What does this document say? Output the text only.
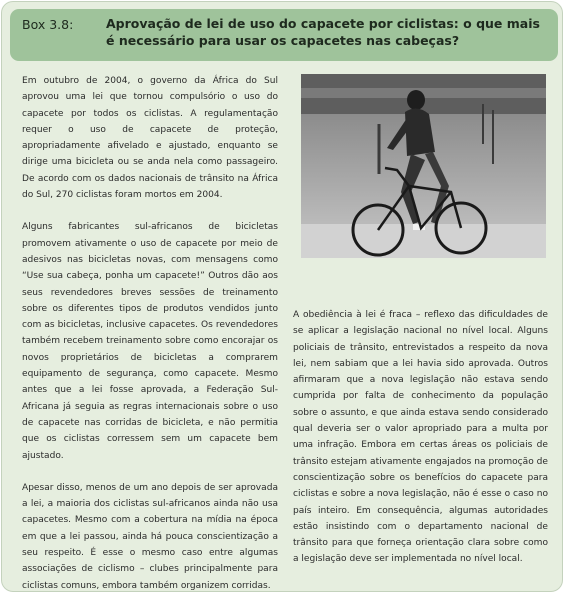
Box 3.8:	Aprovação de lei de uso do capacete por ciclistas: o que mais
é necessário para usar os capacetes nas cabeças?

Em outubro de 2004, o governo da África do Sul aprovou uma lei que tornou compulsório o uso do capacete por todos os ciclistas. A regulamentação requer o uso de capacete de proteção, apropriadamente afivelado e ajustado, enquanto se dirige uma bicicleta ou se anda nela como passageiro. De acordo com os dados nacionais de trânsito na África do Sul, 270 ciclistas foram mortos em 2004.

Alguns fabricantes sul-africanos de bicicletas promovem ativamente o uso de capacete por meio de adesivos nas bicicletas novas, com mensagens como “Use sua cabeça, ponha um capacete!” Outros dão aos seus revendedores breves sessões de treinamento sobre os diferentes tipos de produtos vendidos junto com as bicicletas, inclusive capacetes. Os revendedores também recebem treinamento sobre como encorajar os novos proprietários de bicicletas a comprarem equipamento de segurança, como capacete. Mesmo antes que a lei fosse aprovada, a Federação Sul-Africana já seguia as regras internacionais sobre o uso de capacete nas corridas de bicicleta, e não permitia que os ciclistas corressem sem um capacete bem ajustado.

Apesar disso, menos de um ano depois de ser aprovada a lei, a maioria dos ciclistas sul-africanos ainda não usa capacetes. Mesmo com a cobertura na mídia na época em que a lei passou, ainda há pouca conscientização a seu respeito. É esse o mesmo caso entre algumas associações de ciclismo – clubes principalmente para ciclistas comuns, embora também organizem corridas.

A obediência à lei é fraca – reflexo das dificuldades de se aplicar a legislação nacional no nível local. Alguns policiais de trânsito, entrevistados a respeito da nova lei, nem sabiam que a lei havia sido aprovada. Outros afirmaram que a nova legislação não estava sendo cumprida por falta de conhecimento da população sobre o assunto, e que ainda estava sendo considerado qual deveria ser o valor apropriado para a multa por uma infração. Embora em certas áreas os policiais de trânsito estejam ativamente engajados na promoção de conscientização sobre os benefícios do capacete para ciclistas e sobre a nova legislação, não é esse o caso no país inteiro. Em consequência, algumas autoridades estão insistindo com o departamento nacional de trânsito para que forneça orientação clara sobre como a legislação deve ser implementada no nível local.
